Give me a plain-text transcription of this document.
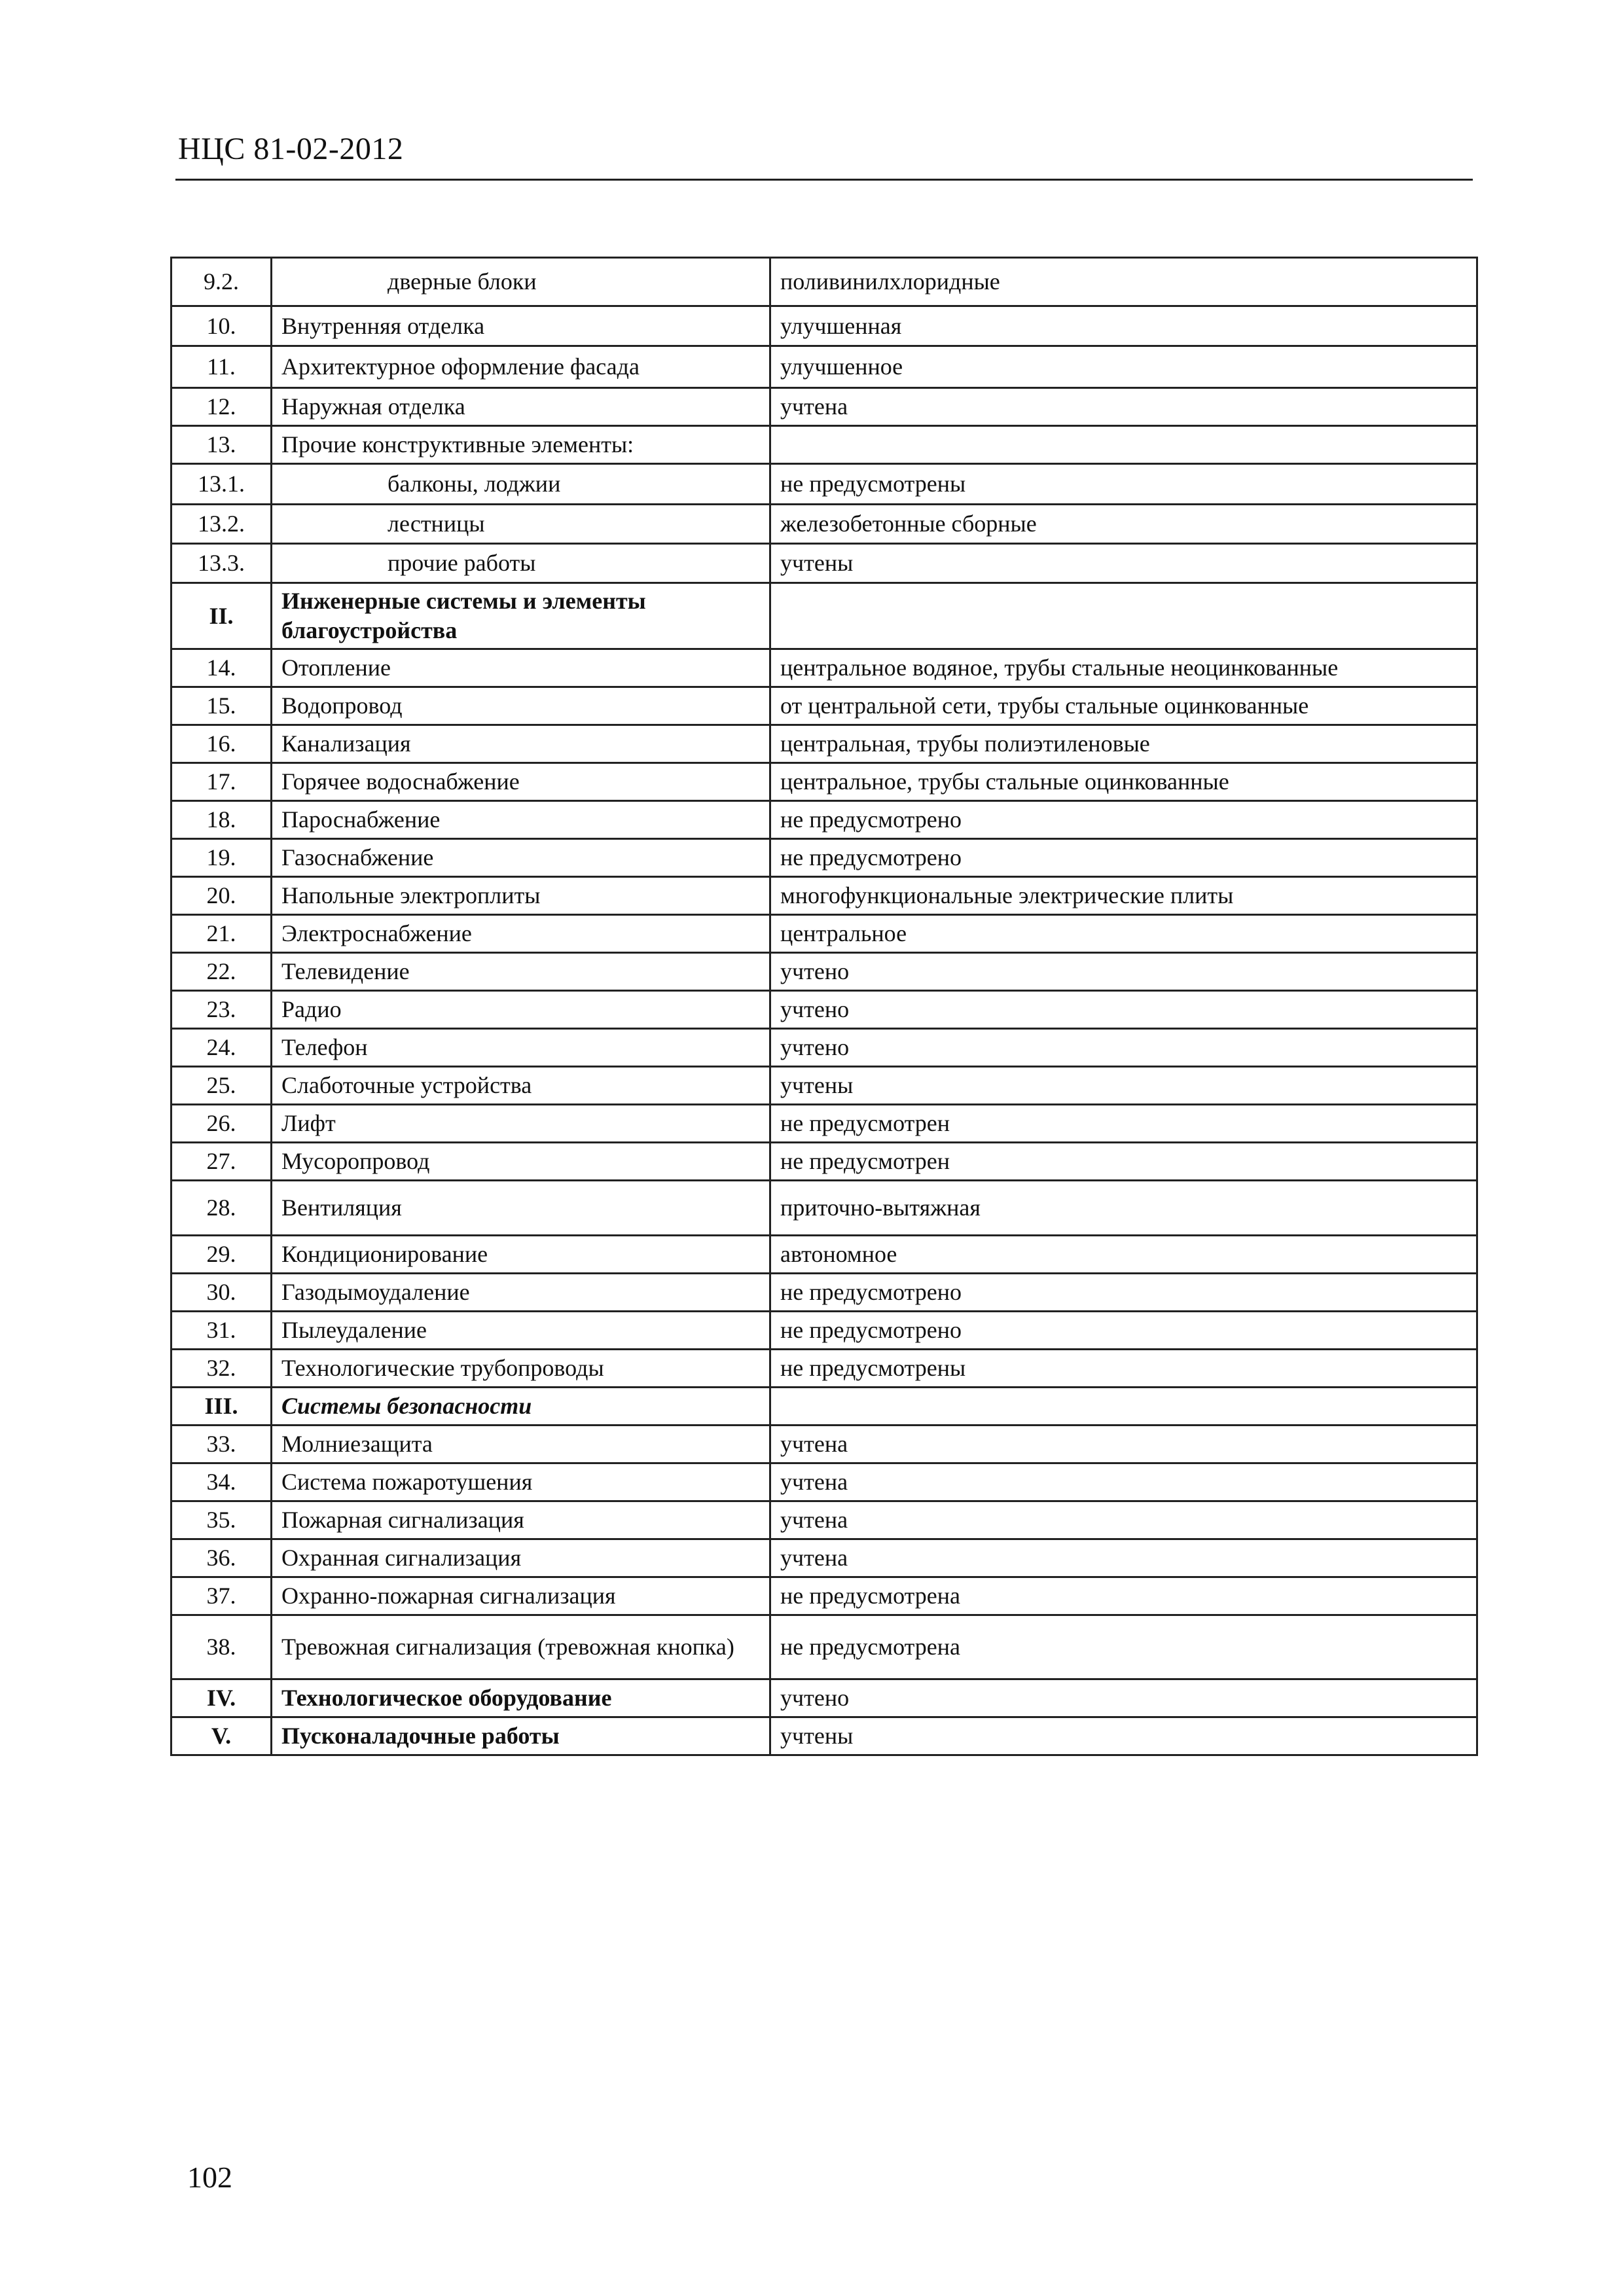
НЦС 81-02-2012
9.2.	дверные блоки	поливинилхлоридные
10.	Внутренняя отделка	улучшенная
11.	Архитектурное оформление фасада	улучшенное
12.	Наружная отделка	учтена
13.	Прочие конструктивные элементы:	
13.1.	балконы, лоджии	не предусмотрены
13.2.	лестницы	железобетонные сборные
13.3.	прочие работы	учтены
II.	Инженерные системы и элементы благоустройства	
14.	Отопление	центральное водяное, трубы стальные неоцинкованные
15.	Водопровод	от центральной сети, трубы стальные оцинкованные
16.	Канализация	центральная, трубы полиэтиленовые
17.	Горячее водоснабжение	центральное, трубы стальные оцинкованные
18.	Пароснабжение	не предусмотрено
19.	Газоснабжение	не предусмотрено
20.	Напольные электроплиты	многофункциональные электрические плиты
21.	Электроснабжение	центральное
22.	Телевидение	учтено
23.	Радио	учтено
24.	Телефон	учтено
25.	Слаботочные устройства	учтены
26.	Лифт	не предусмотрен
27.	Мусоропровод	не предусмотрен
28.	Вентиляция	приточно-вытяжная
29.	Кондиционирование	автономное
30.	Газодымоудаление	не предусмотрено
31.	Пылеудаление	не предусмотрено
32.	Технологические трубопроводы	не предусмотрены
III.	Системы безопасности	
33.	Молниезащита	учтена
34.	Система пожаротушения	учтена
35.	Пожарная сигнализация	учтена
36.	Охранная сигнализация	учтена
37.	Охранно-пожарная сигнализация	не предусмотрена
38.	Тревожная сигнализация (тревожная кнопка)	не предусмотрена
IV.	Технологическое оборудование	учтено
V.	Пусконаладочные работы	учтены
102
